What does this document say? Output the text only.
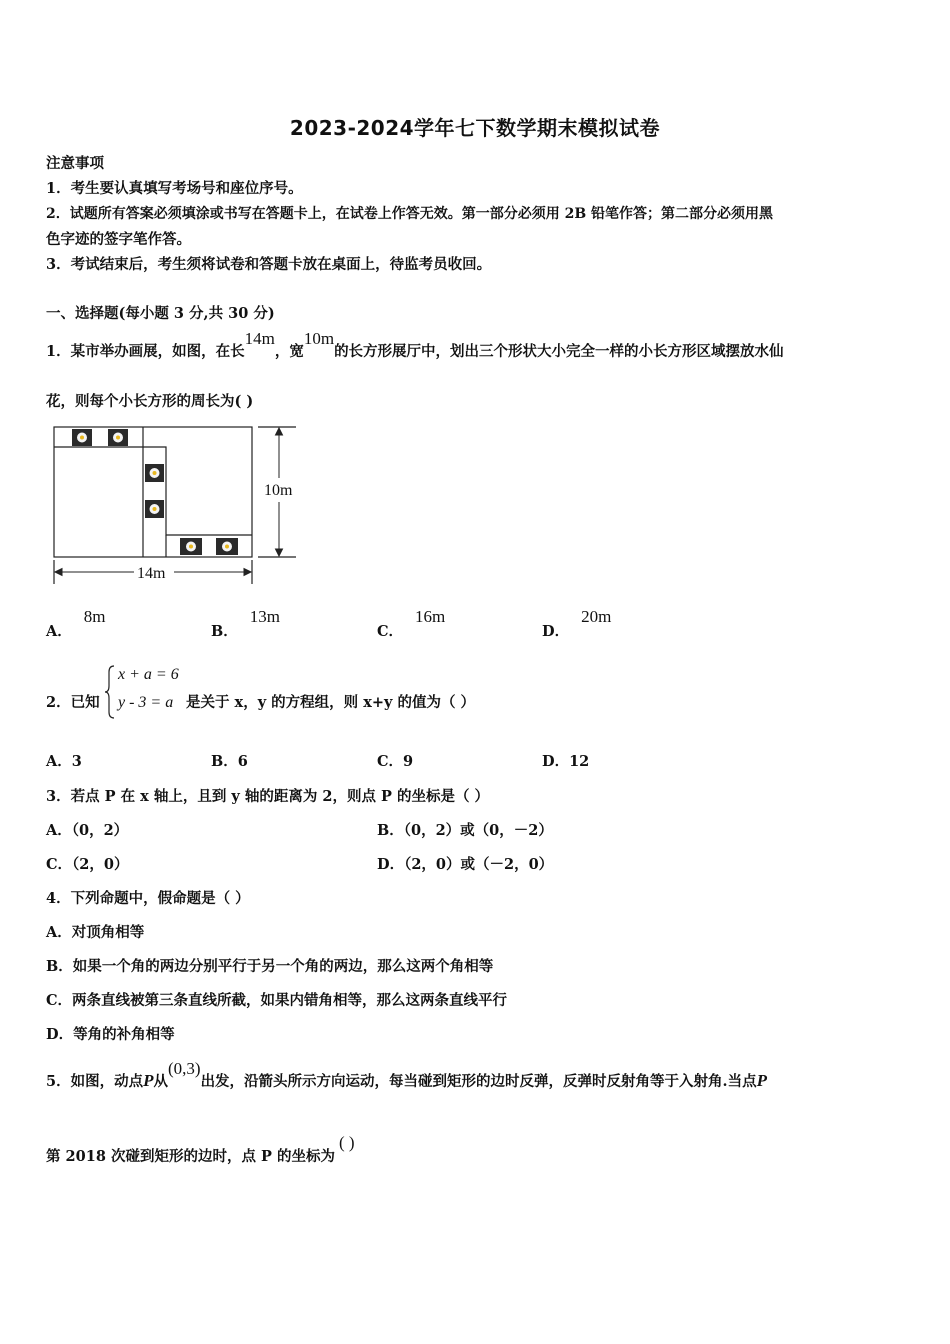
2023-2024学年七下数学期末模拟试卷
注意事项
1．考生要认真填写考场号和座位序号。
2．试题所有答案必须填涂或书写在答题卡上，在试卷上作答无效。第一部分必须用 2B 铅笔作答；第二部分必须用黑
色字迹的签字笔作答。
3．考试结束后，考生须将试卷和答题卡放在桌面上，待监考员收回。
一、选择题(每小题 3 分,共 30 分)
1．某市举办画展，如图，在长14m，宽10m的长方形展厅中，划出三个形状大小完全一样的小长方形区域摆放水仙
花，则每个小长方形的周长为( )
10m
14m
A．8m
B．13m
C．16m
D．20m
2．已知
x + a = 6
y - 3 = a 是关于 x，y 的方程组，则 x+y 的值为（ ）
A．3	B．6	C．9	D．12
3．若点 P 在 x 轴上，且到 y 轴的距离为 2，则点 P 的坐标是（ ）
A．（0，2）	B．（0，2）或（0，－2）
C．（2，0）	D．（2，0）或（－2，0）
4．下列命题中，假命题是（ ）
A．对顶角相等
B．如果一个角的两边分别平行于另一个角的两边，那么这两个角相等
C．两条直线被第三条直线所截，如果内错角相等，那么这两条直线平行
D．等角的补角相等
5．如图，动点P从(0,3)出发，沿箭头所示方向运动，每当碰到矩形的边时反弹，反弹时反射角等于入射角.当点P
第 2018 次碰到矩形的边时，点 P 的坐标为( )
